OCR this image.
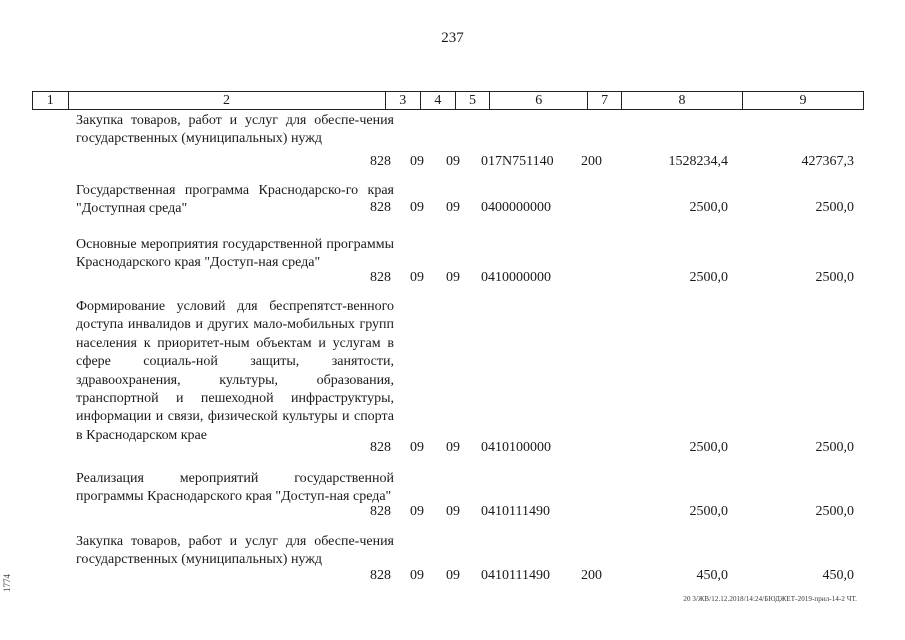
237
1	2	3	4	5	6	7	8	9
Закупка товаров, работ и услуг для обеспе-чения государственных (муниципальных) нужд
828 09 09 017N751140 200	1528234,4	427367,3
Государственная программа Краснодарско-го края "Доступная среда"	828 09 09 0400000000	2500,0	2500,0
Основные мероприятия государственной программы Краснодарского края "Доступ-ная среда"
828 09 09 0410000000	2500,0	2500,0
Формирование условий для беспрепятст-венного доступа инвалидов и других мало-мобильных групп населения к приоритет-ным объектам и услугам в сфере социаль-ной защиты, занятости, здравоохранения, культуры, образования, транспортной и пешеходной инфраструктуры, информации и связи, физической культуры и спорта в Краснодарском крае
828 09 09 0410100000	2500,0	2500,0
Реализация мероприятий государственной программы Краснодарского края "Доступ-ная среда"
828 09 09 0410111490	2500,0	2500,0
Закупка товаров, работ и услуг для обеспе-чения государственных (муниципальных) нужд
828 09 09 0410111490 200	450,0	450,0
20 3/ЖВ/12.12.2018/14:24/БЮДЖЕТ-2019-прил-14-2 ЧТ.
1774
